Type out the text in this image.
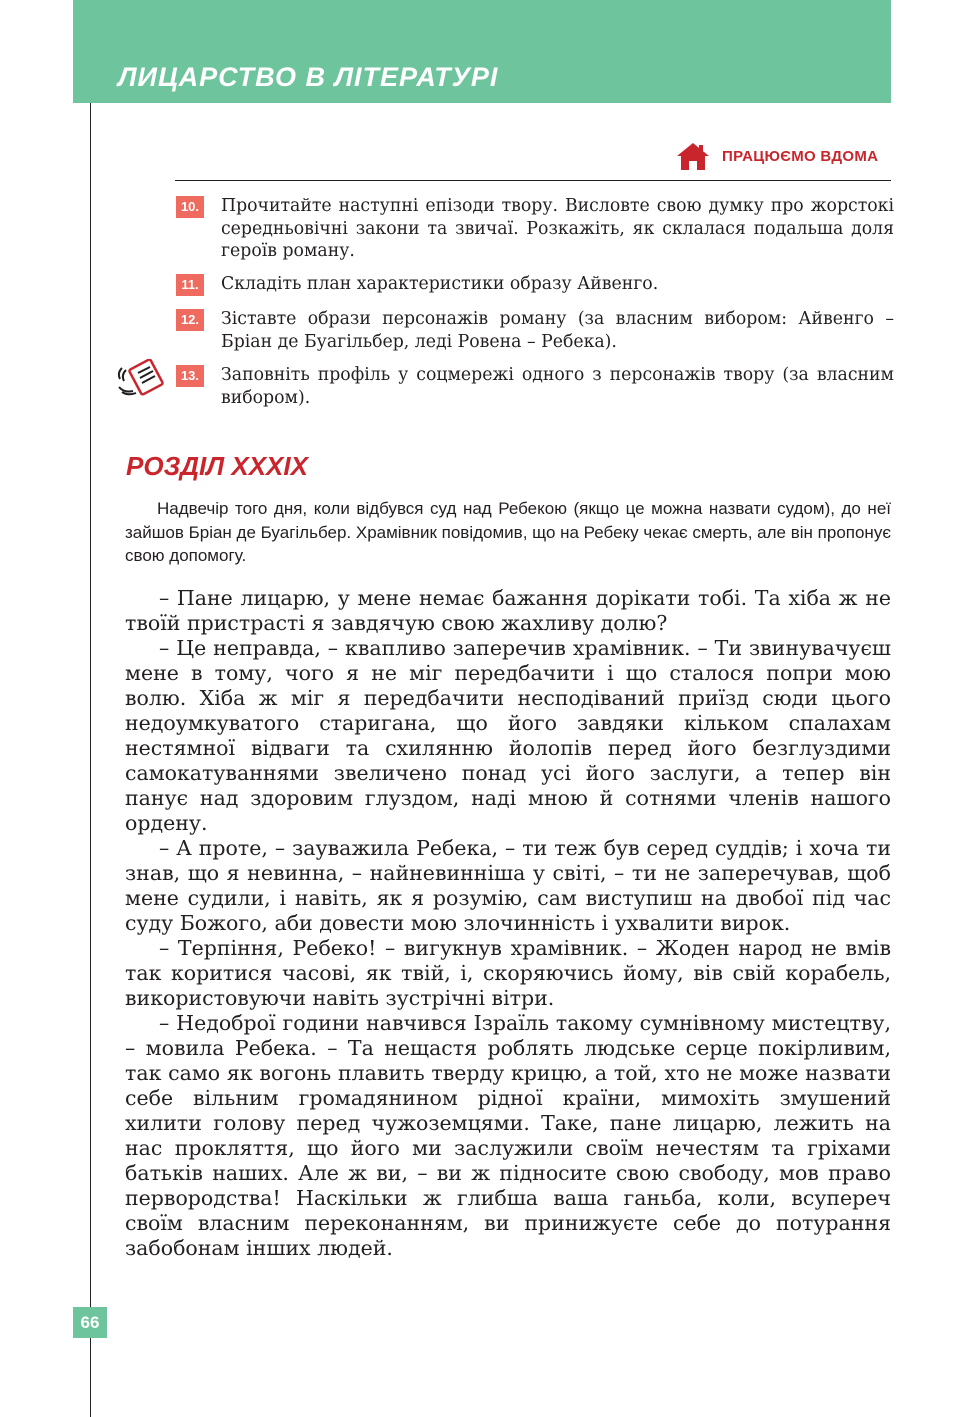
ЛИЦАРСТВО В ЛІТЕРАТУРІ
ПРАЦЮЄМО ВДОМА
10. Прочитайте наступні епізоди твору. Висловте свою думку про жорстокі середньовічні закони та звичаї. Розкажіть, як склалася подальша доля героїв роману.

11.	Складіть план характеристики образу Айвенго.

12. Зіставте образи персонажів роману (за власним вибором: Айвенго – Бріан де Буагільбер, леді Ровена – Ребека).

13. Заповніть профіль у соцмережі одного з персонажів твору (за власним вибором).

РОЗДІЛ XXXIX

Надвечір того дня, коли відбувся суд над Ребекою (якщо це можна назвати судом), до неї зайшов Бріан де Буагільбер. Храмівник повідомив, що на Ребеку чекає смерть, але він пропонує свою допомогу.

– Пане лицарю, у мене немає бажання дорікати тобі. Та хіба ж не твоїй пристрасті я завдячую свою жахливу долю?

– Це неправда, – квапливо заперечив храмівник. – Ти звинувачуєш мене в тому, чого я не міг передбачити і що сталося попри мою волю. Хіба ж міг я передбачити несподіваний приїзд сюди цього недоумкуватого старигана, що його завдяки кільком спалахам нестямної відваги та схилянню йолопів перед його безглуздими самокатуваннями звеличено понад усі його заслуги, а тепер він панує над здоровим глуздом, наді мною й сотнями членів нашого ордену.

– А проте, – зауважила Ребека, – ти теж був серед суддів; і хоча ти знав, що я невинна, – найневинніша у світі, – ти не заперечував, щоб мене судили, і навіть, як я розумію, сам виступиш на двобої під час суду Божого, аби довести мою злочинність і ухвалити вирок.

– Терпіння, Ребеко! – вигукнув храмівник. – Жоден народ не вмів так коритися часові, як твій, і, скоряючись йому, вів свій корабель, використовуючи навіть зустрічні вітри.

– Недоброї години навчився Ізраїль такому сумнівному мистецтву, – мовила Ребека. – Та нещастя роблять людське серце покірливим, так само як вогонь плавить тверду крицю, а той, хто не може назвати себе вільним громадянином рідної країни, мимохіть змушений хилити голову перед чужоземцями. Таке, пане лицарю, лежить на нас прокляття, що його ми заслужили своїм нечестям та гріхами батьків наших. Але ж ви, – ви ж підносите свою свободу, мов право первородства! Наскільки ж глибша ваша ганьба, коли, всупереч своїм власним переконанням, ви принижуєте себе до потурання забобонам інших людей.

66
